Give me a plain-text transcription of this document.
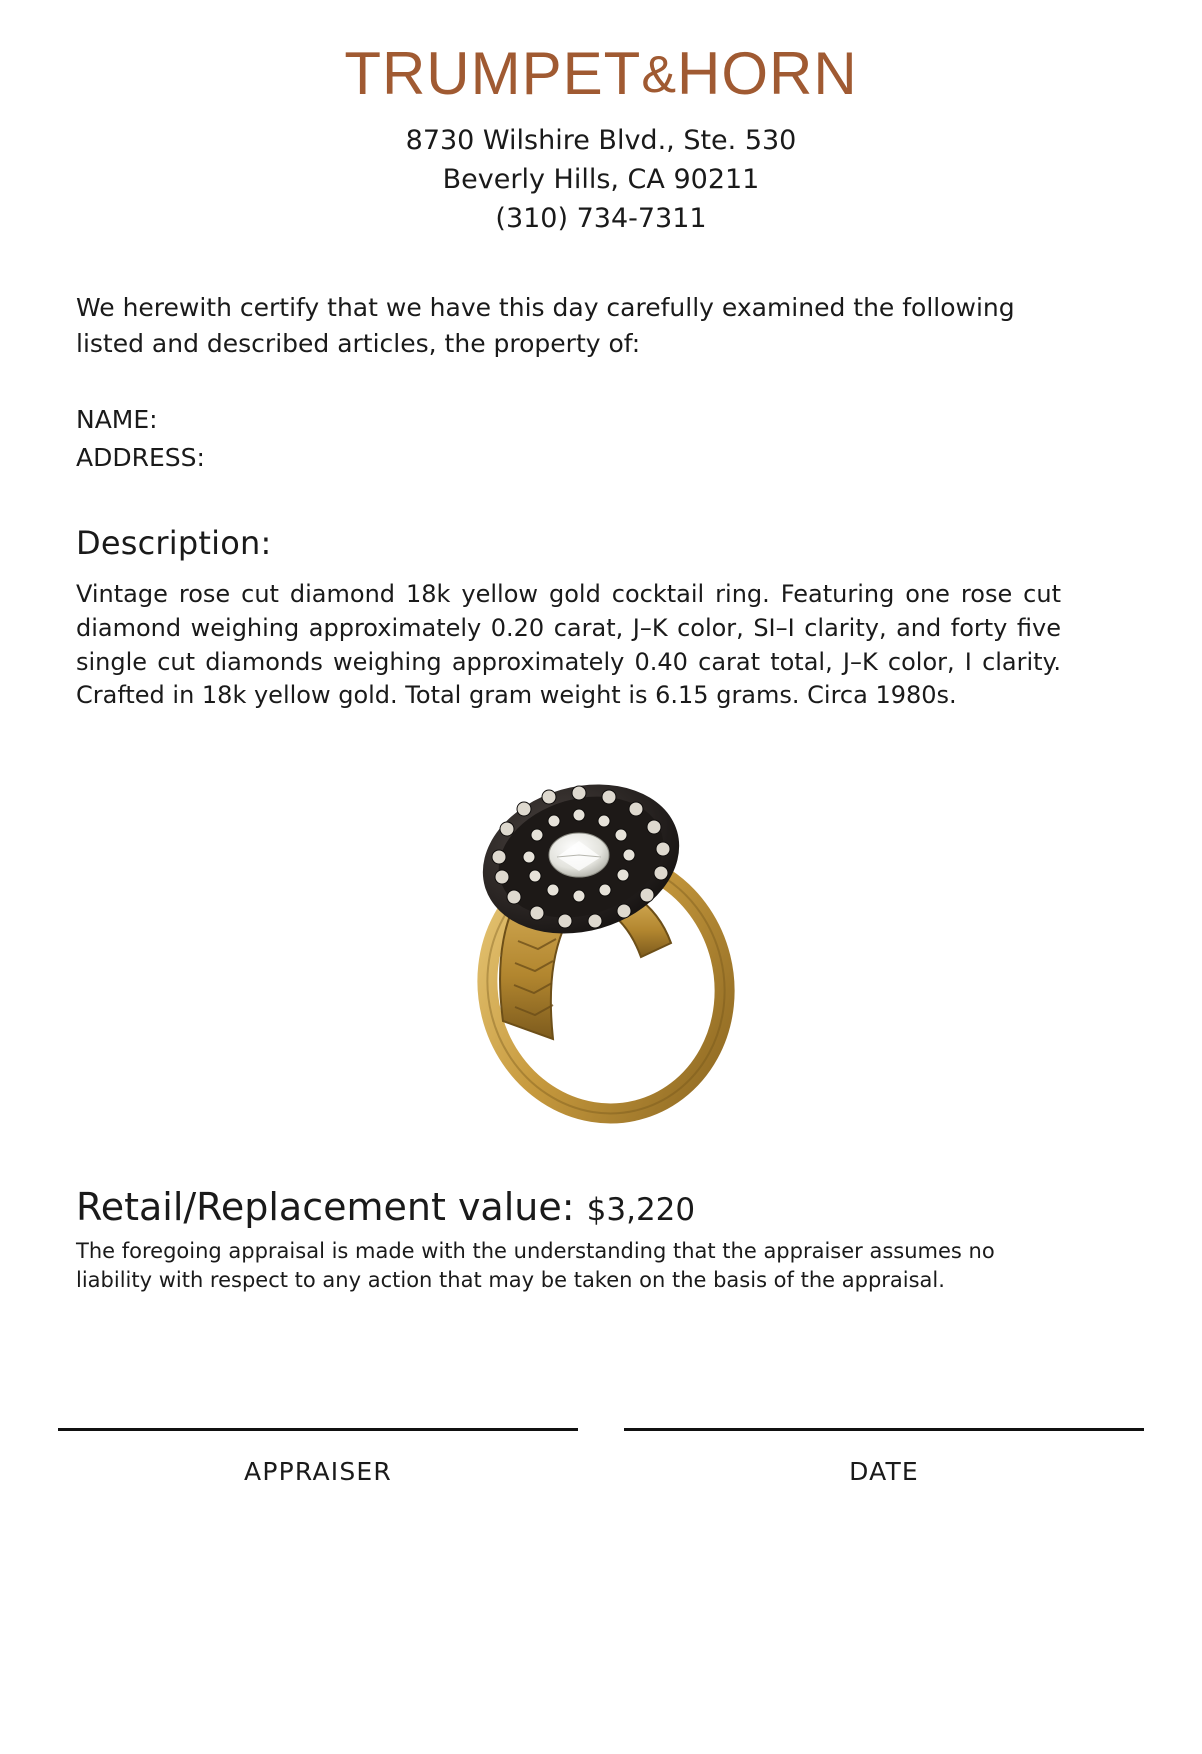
TRUMPET&HORN
8730 Wilshire Blvd., Ste. 530
Beverly Hills, CA 90211
(310) 734-7311
We herewith certify that we have this day carefully examined the following listed and described articles, the property of:
NAME:
ADDRESS:
Description:
Vintage rose cut diamond 18k yellow gold cocktail ring. Featuring one rose cut diamond weighing approximately 0.20 carat, J–K color, SI–I clarity, and forty five single cut diamonds weighing approximately 0.40 carat total, J–K color, I clarity. Crafted in 18k yellow gold. Total gram weight is 6.15 grams. Circa 1980s.
Retail/Replacement value: $3,220
The foregoing appraisal is made with the understanding that the appraiser assumes no liability with respect to any action that may be taken on the basis of the appraisal.
APPRAISER	DATE
